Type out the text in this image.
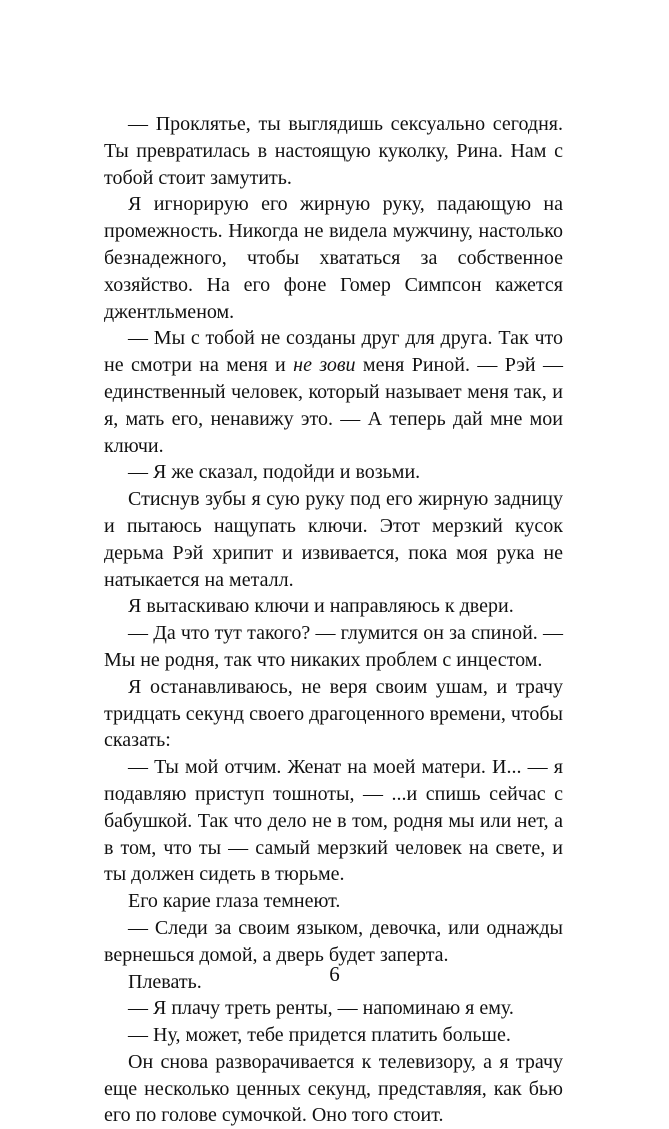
— Проклятье, ты выглядишь сексуально сегодня. Ты превратилась в настоящую куколку, Рина. Нам с тобой стоит замутить.

Я игнорирую его жирную руку, падающую на промежность. Никогда не видела мужчину, настолько безнадежного, чтобы хвататься за собственное хозяйство. На его фоне Гомер Симпсон кажется джентльменом.

— Мы с тобой не созданы друг для друга. Так что не смотри на меня и не зови меня Риной. — Рэй — единственный человек, который называет меня так, и я, мать его, ненавижу это. — А теперь дай мне мои ключи.

— Я же сказал, подойди и возьми.

Стиснув зубы я сую руку под его жирную задницу и пытаюсь нащупать ключи. Этот мерзкий кусок дерьма Рэй хрипит и извивается, пока моя рука не натыкается на металл.

Я вытаскиваю ключи и направляюсь к двери.

— Да что тут такого? — глумится он за спиной. — Мы не родня, так что никаких проблем с инцестом.

Я останавливаюсь, не веря своим ушам, и трачу тридцать секунд своего драгоценного времени, чтобы сказать:

— Ты мой отчим. Женат на моей матери. И... — я подавляю приступ тошноты, — ...и спишь сейчас с бабушкой. Так что дело не в том, родня мы или нет, а в том, что ты — самый мерзкий человек на свете, и ты должен сидеть в тюрьме.

Его карие глаза темнеют.

— Следи за своим языком, девочка, или однажды вернешься домой, а дверь будет заперта.

Плевать.

— Я плачу треть ренты, — напоминаю я ему.

— Ну, может, тебе придется платить больше.

Он снова разворачивается к телевизору, а я трачу еще несколько ценных секунд, представляя, как бью его по голове сумочкой. Оно того стоит.

6
